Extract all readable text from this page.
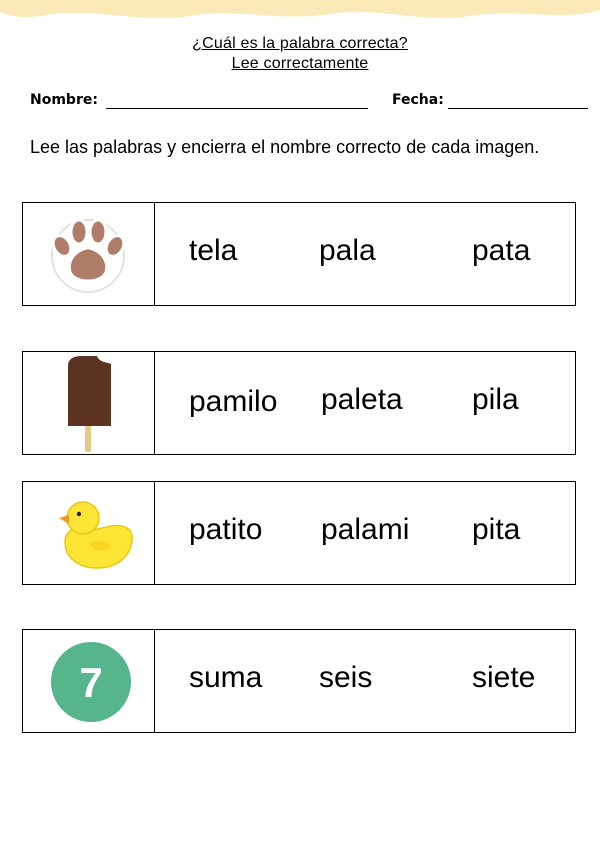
¿Cuál es la palabra correcta?
Lee correctamente
Nombre:	Fecha:
Lee las palabras y encierra el nombre correcto de cada imagen.
tela	pala	pata
pamilo paleta pila
patito palami pita
7	suma seis	siete
